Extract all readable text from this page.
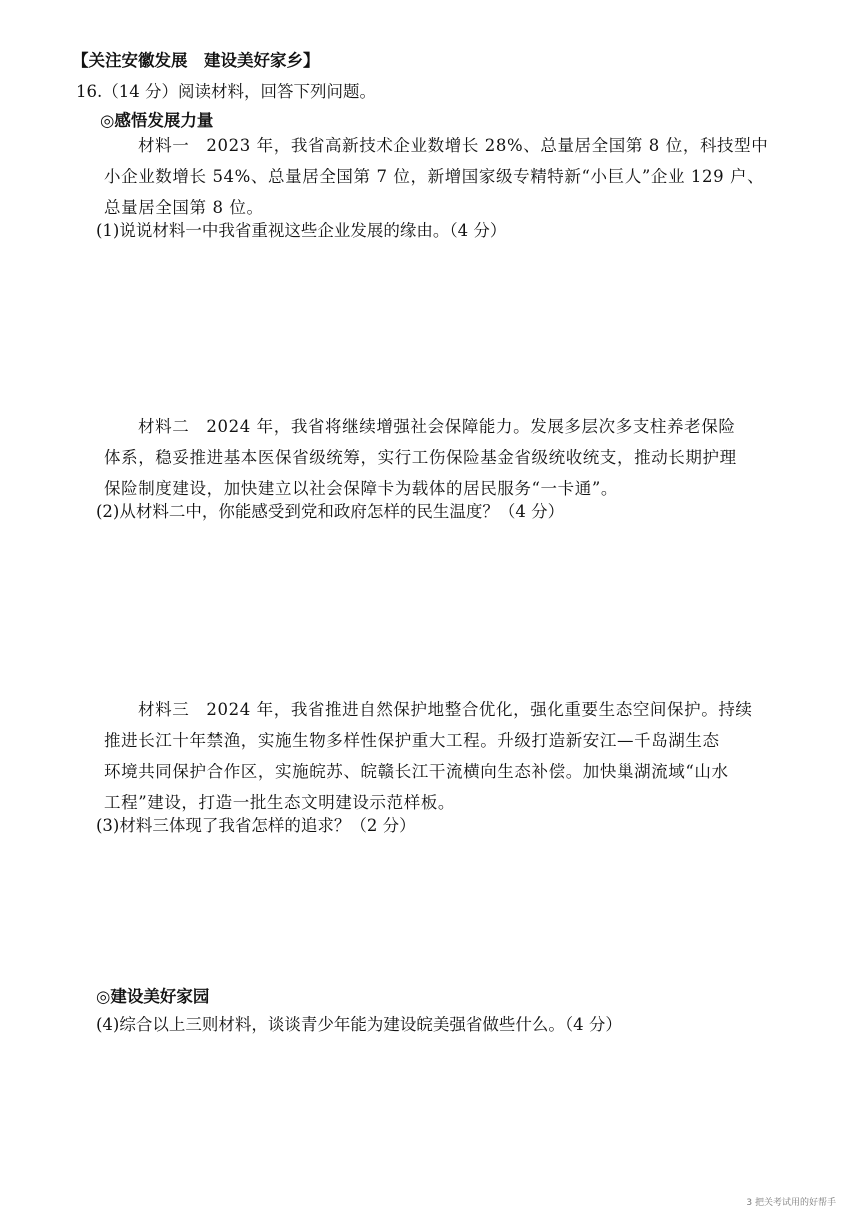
【关注安徽发展　建设美好家乡】
16.（14 分）阅读材料，回答下列问题。
◎感悟发展力量
材料一　2023 年，我省高新技术企业数增长 28%、总量居全国第 8 位，科技型中
小企业数增长 54%、总量居全国第 7 位，新增国家级专精特新“小巨人”企业 129 户、
总量居全国第 8 位。
(1)说说材料一中我省重视这些企业发展的缘由。（4 分）
材料二　2024 年，我省将继续增强社会保障能力。发展多层次多支柱养老保险
体系，稳妥推进基本医保省级统筹，实行工伤保险基金省级统收统支，推动长期护理
保险制度建设，加快建立以社会保障卡为载体的居民服务“一卡通”。
(2)从材料二中，你能感受到党和政府怎样的民生温度？（4 分）
材料三　2024 年，我省推进自然保护地整合优化，强化重要生态空间保护。持续
推进长江十年禁渔，实施生物多样性保护重大工程。升级打造新安江—千岛湖生态
环境共同保护合作区，实施皖苏、皖赣长江干流横向生态补偿。加快巢湖流域“山水
工程”建设，打造一批生态文明建设示范样板。
(3)材料三体现了我省怎样的追求？（2 分）
◎建设美好家园
(4)综合以上三则材料，谈谈青少年能为建设皖美强省做些什么。（4 分）
3 把关考试用的好帮手
